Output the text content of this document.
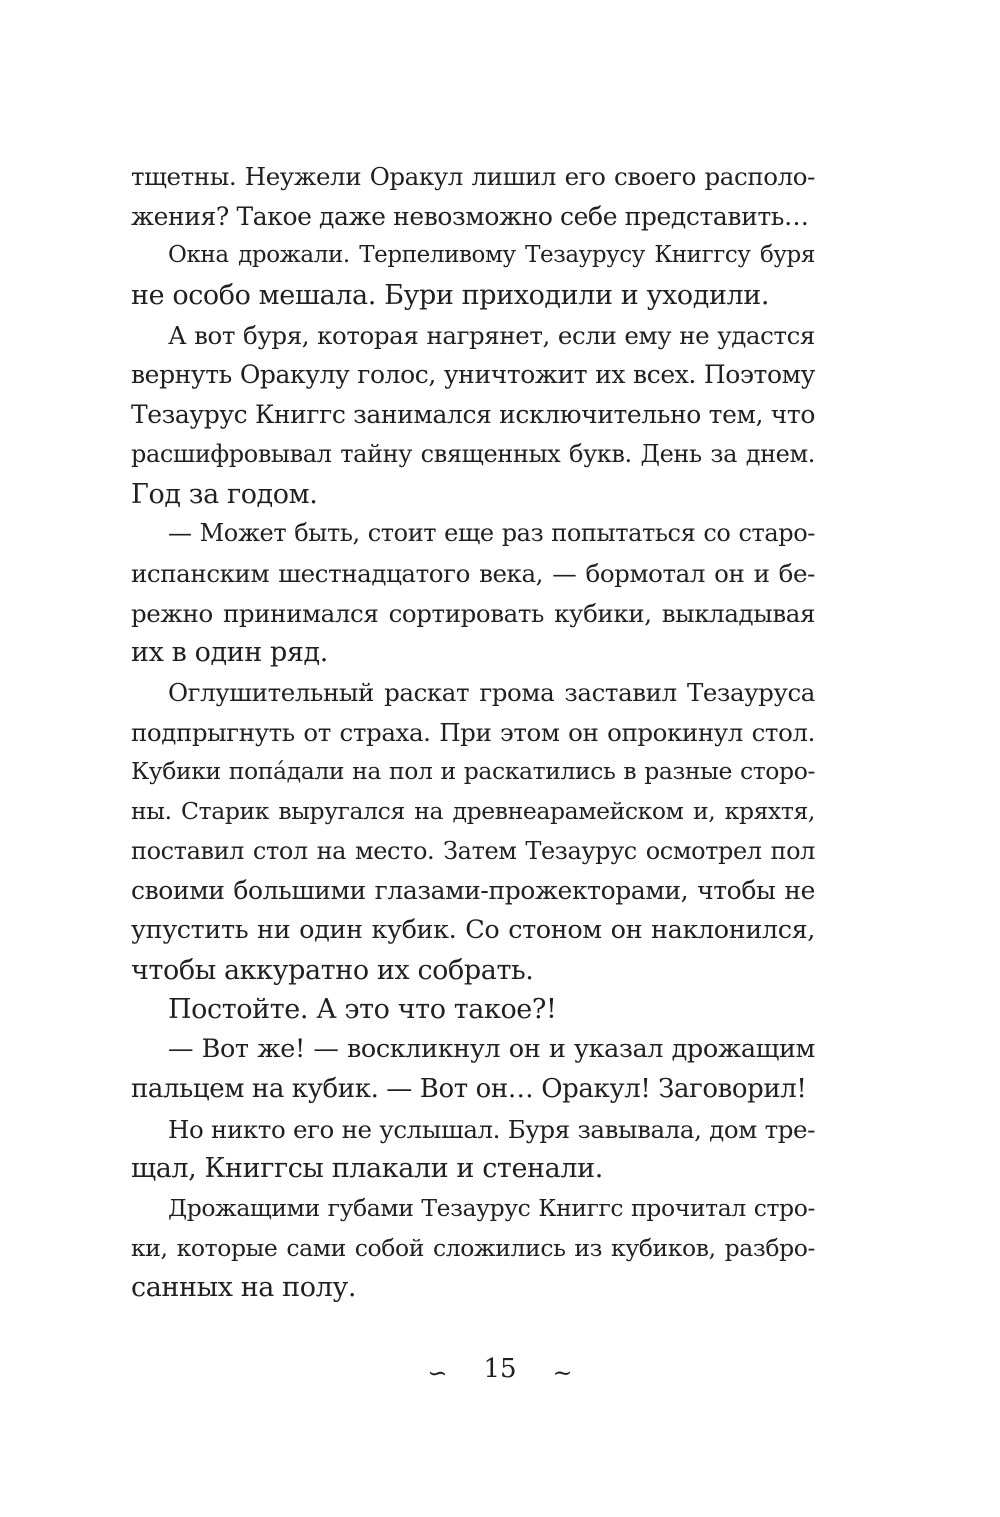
тщетны. Неужели Оракул лишил его своего располо-
жения? Такое даже невозможно себе представить…
Окна дрожали. Терпеливому Тезаурусу Книггсу буря
не особо мешала. Бури приходили и уходили.
А вот буря, которая нагрянет, если ему не удастся
вернуть Оракулу голос, уничтожит их всех. Поэтому
Тезаурус Книггс занимался исключительно тем, что
расшифровывал тайну священных букв. День за днем.
Год за годом.
— Может быть, стоит еще раз попытаться со старо-
испанским шестнадцатого века, — бормотал он и бе-
режно принимался сортировать кубики, выкладывая
их в один ряд.
Оглушительный раскат грома заставил Тезауруса
подпрыгнуть от страха. При этом он опрокинул стол.
Кубики попáдали на пол и раскатились в разные сторо-
ны. Старик выругался на древнеарамейском и, кряхтя,
поставил стол на место. Затем Тезаурус осмотрел пол
своими большими глазами-прожекторами, чтобы не
упустить ни один кубик. Со стоном он наклонился,
чтобы аккуратно их собрать.
Постойте. А это что такое?!
— Вот же! — воскликнул он и указал дрожащим
пальцем на кубик. — Вот он… Оракул! Заговорил!
Но никто его не услышал. Буря завывала, дом тре-
щал, Книггсы плакали и стенали.
Дрожащими губами Тезаурус Книггс прочитал стро-
ки, которые сами собой сложились из кубиков, разбро-
санных на полу.
∽ 15 ~
